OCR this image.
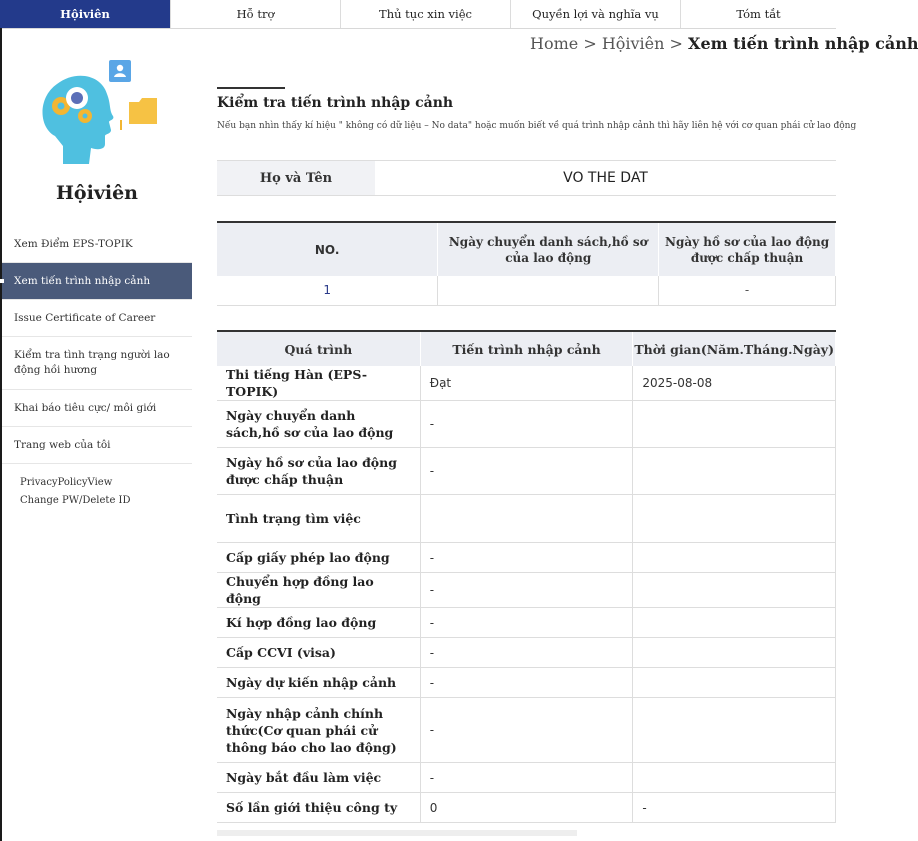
Hộiviên	Hỗ trợ	Thủ tục xin việc	Quyền lợi và nghĩa vụ	Tóm tắt
Home > Hộiviên > Xem tiến trình nhập cảnh
Hộiviên
Xem Điểm EPS-TOPIK
Xem tiến trình nhập cảnh
Issue Certificate of Career
Kiểm tra tình trạng người lao động hồi hương
Khai báo tiêu cực/ môi giới
Trang web của tôi
PrivacyPolicyView
Change PW/Delete ID
Kiểm tra tiến trình nhập cảnh
Nếu bạn nhìn thấy kí hiệu " không có dữ liệu – No data" hoặc muốn biết về quá trình nhập cảnh thì hãy liên hệ với cơ quan phái cử lao động
Họ và Tên	VO THE DAT
NO.	Ngày chuyển danh sách,hồ sơ của lao động	Ngày hồ sơ của lao động được chấp thuận
1		-
Quá trình	Tiến trình nhập cảnh	Thời gian(Năm.Tháng.Ngày)
Thi tiếng Hàn (EPS-TOPIK)	Đạt	2025-08-08
Ngày chuyển danh sách,hồ sơ của lao động	-	
Ngày hồ sơ của lao động được chấp thuận	-	
Tình trạng tìm việc		
Cấp giấy phép lao động	-	
Chuyển hợp đồng lao động	-	
Kí hợp đồng lao động	-	
Cấp CCVI (visa)	-	
Ngày dự kiến nhập cảnh	-	
Ngày nhập cảnh chính thức(Cơ quan phái cử thông báo cho lao động)	-	
Ngày bắt đầu làm việc	-	
Số lần giới thiệu công ty	0	-
